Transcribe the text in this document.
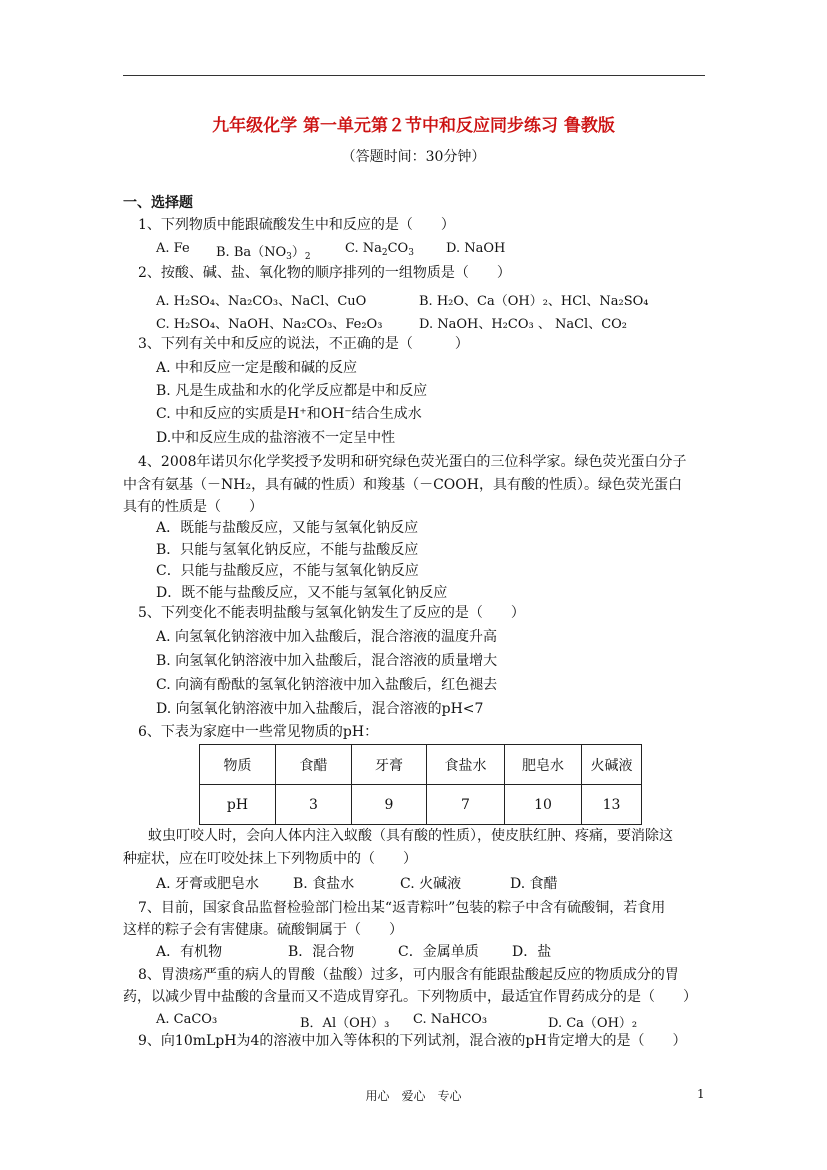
九年级化学 第一单元第２节中和反应同步练习 鲁教版
（答题时间：30分钟）
一、选择题
1、下列物质中能跟硫酸发生中和反应的是（　　）
A. Fe B. $Ba(NO_3)_2$
C. $Na_2CO_3$ D. NaOH
2、按酸、碱、盐、氧化物的顺序排列的一组物质是（　　）
A. H₂SO₄、Na₂CO₃、NaCl、CuO	B. H₂O、Ca（OH）₂、HCl、Na₂SO₄
C. H₂SO₄、NaOH、Na₂CO₃、Fe₂O₃	D. NaOH、H₂CO₃ 、 NaCl、CO₂
3、下列有关中和反应的说法，不正确的是（　　　）
A. 中和反应一定是酸和碱的反应
B. 凡是生成盐和水的化学反应都是中和反应
C. 中和反应的实质是H⁺和OH⁻结合生成水
D.中和反应生成的盐溶液不一定呈中性
4、2008年诺贝尔化学奖授予发明和研究绿色荧光蛋白的三位科学家。绿色荧光蛋白分子
中含有氨基（－NH₂，具有碱的性质）和羧基（－COOH，具有酸的性质）。绿色荧光蛋白
具有的性质是（　　）
A．既能与盐酸反应，又能与氢氧化钠反应
B．只能与氢氧化钠反应，不能与盐酸反应
C．只能与盐酸反应，不能与氢氧化钠反应
D．既不能与盐酸反应，又不能与氢氧化钠反应
5、下列变化不能表明盐酸与氢氧化钠发生了反应的是（　　）
A. 向氢氧化钠溶液中加入盐酸后，混合溶液的温度升高
B. 向氢氧化钠溶液中加入盐酸后，混合溶液的质量增大
C. 向滴有酚酞的氢氧化钠溶液中加入盐酸后，红色褪去
D. 向氢氧化钠溶液中加入盐酸后，混合溶液的pH<7
6、下表为家庭中一些常见物质的pH：
物质	食醋	牙膏	食盐水	肥皂水	火碱液
pH	3	9	7	10	13
蚊虫叮咬人时，会向人体内注入蚁酸（具有酸的性质），使皮肤红肿、疼痛，要消除这
种症状，应在叮咬处抹上下列物质中的（　　）
A. 牙膏或肥皂水 B. 食盐水	C. 火碱液	D. 食醋
7、目前，国家食品监督检验部门检出某“返青粽叶”包装的粽子中含有硫酸铜，若食用
这样的粽子会有害健康。硫酸铜属于（　　）
A．有机物	B．混合物	C．金属单质 D．盐
8、胃溃疡严重的病人的胃酸（盐酸）过多，可内服含有能跟盐酸起反应的物质成分的胃
药，以减少胃中盐酸的含量而又不造成胃穿孔。下列物质中，最适宜作胃药成分的是（　　）
A. CaCO₃	B．Al（OH）₃ C. NaHCO₃	D. Ca（OH）₂
9、向10mLpH为4的溶液中加入等体积的下列试剂，混合液的pH肯定增大的是（　　）
用心　爱心　专心	1
